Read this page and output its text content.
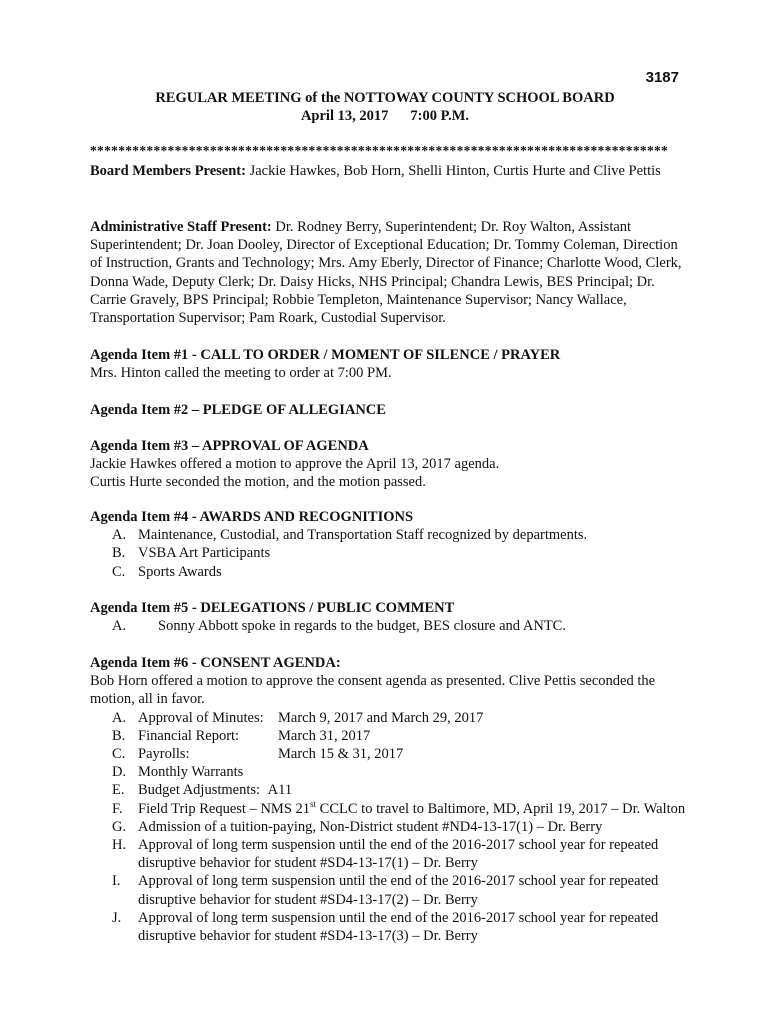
3187
REGULAR MEETING of the NOTTOWAY COUNTY SCHOOL BOARD
April 13, 2017 7:00 P.M.
**********************************************************************************
Board Members Present: Jackie Hawkes, Bob Horn, Shelli Hinton, Curtis Hurte and Clive Pettis
Administrative Staff Present: Dr. Rodney Berry, Superintendent; Dr. Roy Walton, Assistant Superintendent; Dr. Joan Dooley, Director of Exceptional Education; Dr. Tommy Coleman, Direction of Instruction, Grants and Technology; Mrs. Amy Eberly, Director of Finance; Charlotte Wood, Clerk, Donna Wade, Deputy Clerk; Dr. Daisy Hicks, NHS Principal; Chandra Lewis, BES Principal; Dr. Carrie Gravely, BPS Principal; Robbie Templeton, Maintenance Supervisor; Nancy Wallace, Transportation Supervisor; Pam Roark, Custodial Supervisor.
Agenda Item #1 - CALL TO ORDER / MOMENT OF SILENCE / PRAYER
Mrs. Hinton called the meeting to order at 7:00 PM.
Agenda Item #2 – PLEDGE OF ALLEGIANCE
Agenda Item #3 – APPROVAL OF AGENDA
Jackie Hawkes offered a motion to approve the April 13, 2017 agenda.
Curtis Hurte seconded the motion, and the motion passed.
Agenda Item #4 - AWARDS AND RECOGNITIONS
A. Maintenance, Custodial, and Transportation Staff recognized by departments.
B. VSBA Art Participants
C. Sports Awards
Agenda Item #5 - DELEGATIONS / PUBLIC COMMENT
A. Sonny Abbott spoke in regards to the budget, BES closure and ANTC.
Agenda Item #6 - CONSENT AGENDA:
Bob Horn offered a motion to approve the consent agenda as presented. Clive Pettis seconded the motion, all in favor.
A. Approval of Minutes: March 9, 2017 and March 29, 2017
B. Financial Report:	March 31, 2017
C. Payrolls:	March 15 & 31, 2017
D. Monthly Warrants
E. Budget Adjustments: A11
F. Field Trip Request – NMS 21st CCLC to travel to Baltimore, MD, April 19, 2017 – Dr. Walton
G. Admission of a tuition-paying, Non-District student #ND4-13-17(1) – Dr. Berry
H. Approval of long term suspension until the end of the 2016-2017 school year for repeated disruptive behavior for student #SD4-13-17(1) – Dr. Berry
I. Approval of long term suspension until the end of the 2016-2017 school year for repeated disruptive behavior for student #SD4-13-17(2) – Dr. Berry
J. Approval of long term suspension until the end of the 2016-2017 school year for repeated disruptive behavior for student #SD4-13-17(3) – Dr. Berry
